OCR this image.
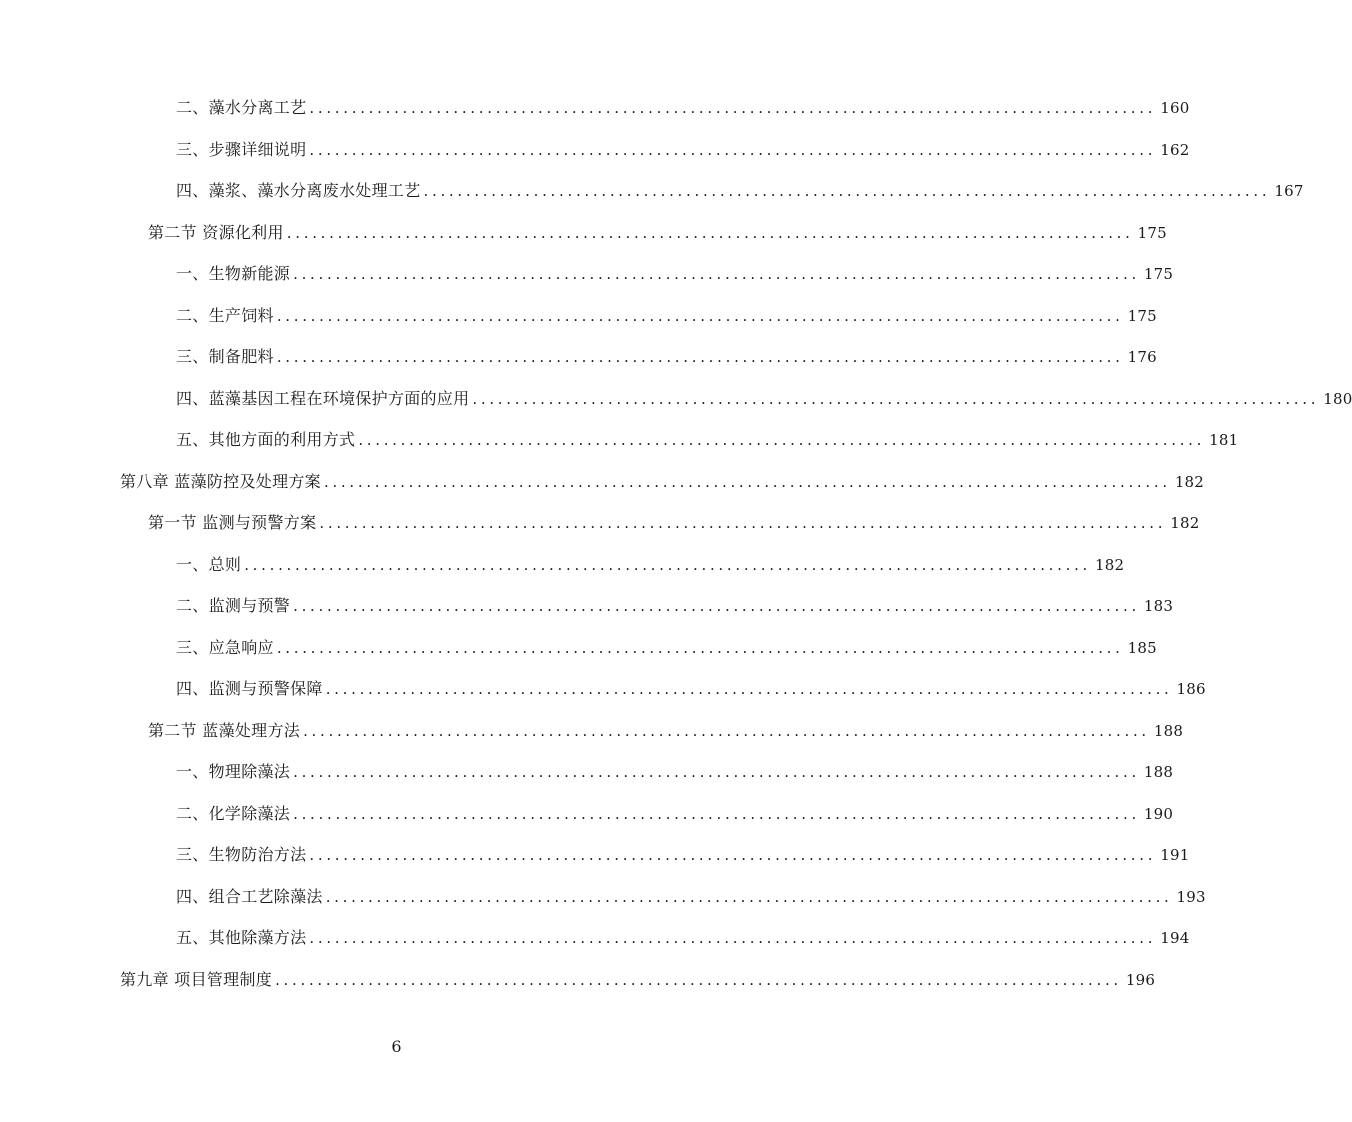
二、藻水分离工艺 .................................................................................................... 160
三、步骤详细说明 .................................................................................................... 162
四、藻浆、藻水分离废水处理工艺 .................................................................................................... 167
第二节 资源化利用 .................................................................................................... 175
一、生物新能源 .................................................................................................... 175
二、生产饲料 .................................................................................................... 175
三、制备肥料 .................................................................................................... 176
四、蓝藻基因工程在环境保护方面的应用 .................................................................................................... 180
五、其他方面的利用方式 .................................................................................................... 181
第八章 蓝藻防控及处理方案 .................................................................................................... 182
第一节 监测与预警方案 .................................................................................................... 182
一、总则 .................................................................................................... 182
二、监测与预警 .................................................................................................... 183
三、应急响应 .................................................................................................... 185
四、监测与预警保障 .................................................................................................... 186
第二节 蓝藻处理方法 .................................................................................................... 188
一、物理除藻法 .................................................................................................... 188
二、化学除藻法 .................................................................................................... 190
三、生物防治方法 .................................................................................................... 191
四、组合工艺除藻法 .................................................................................................... 193
五、其他除藻方法 .................................................................................................... 194
第九章 项目管理制度 .................................................................................................... 196
6
